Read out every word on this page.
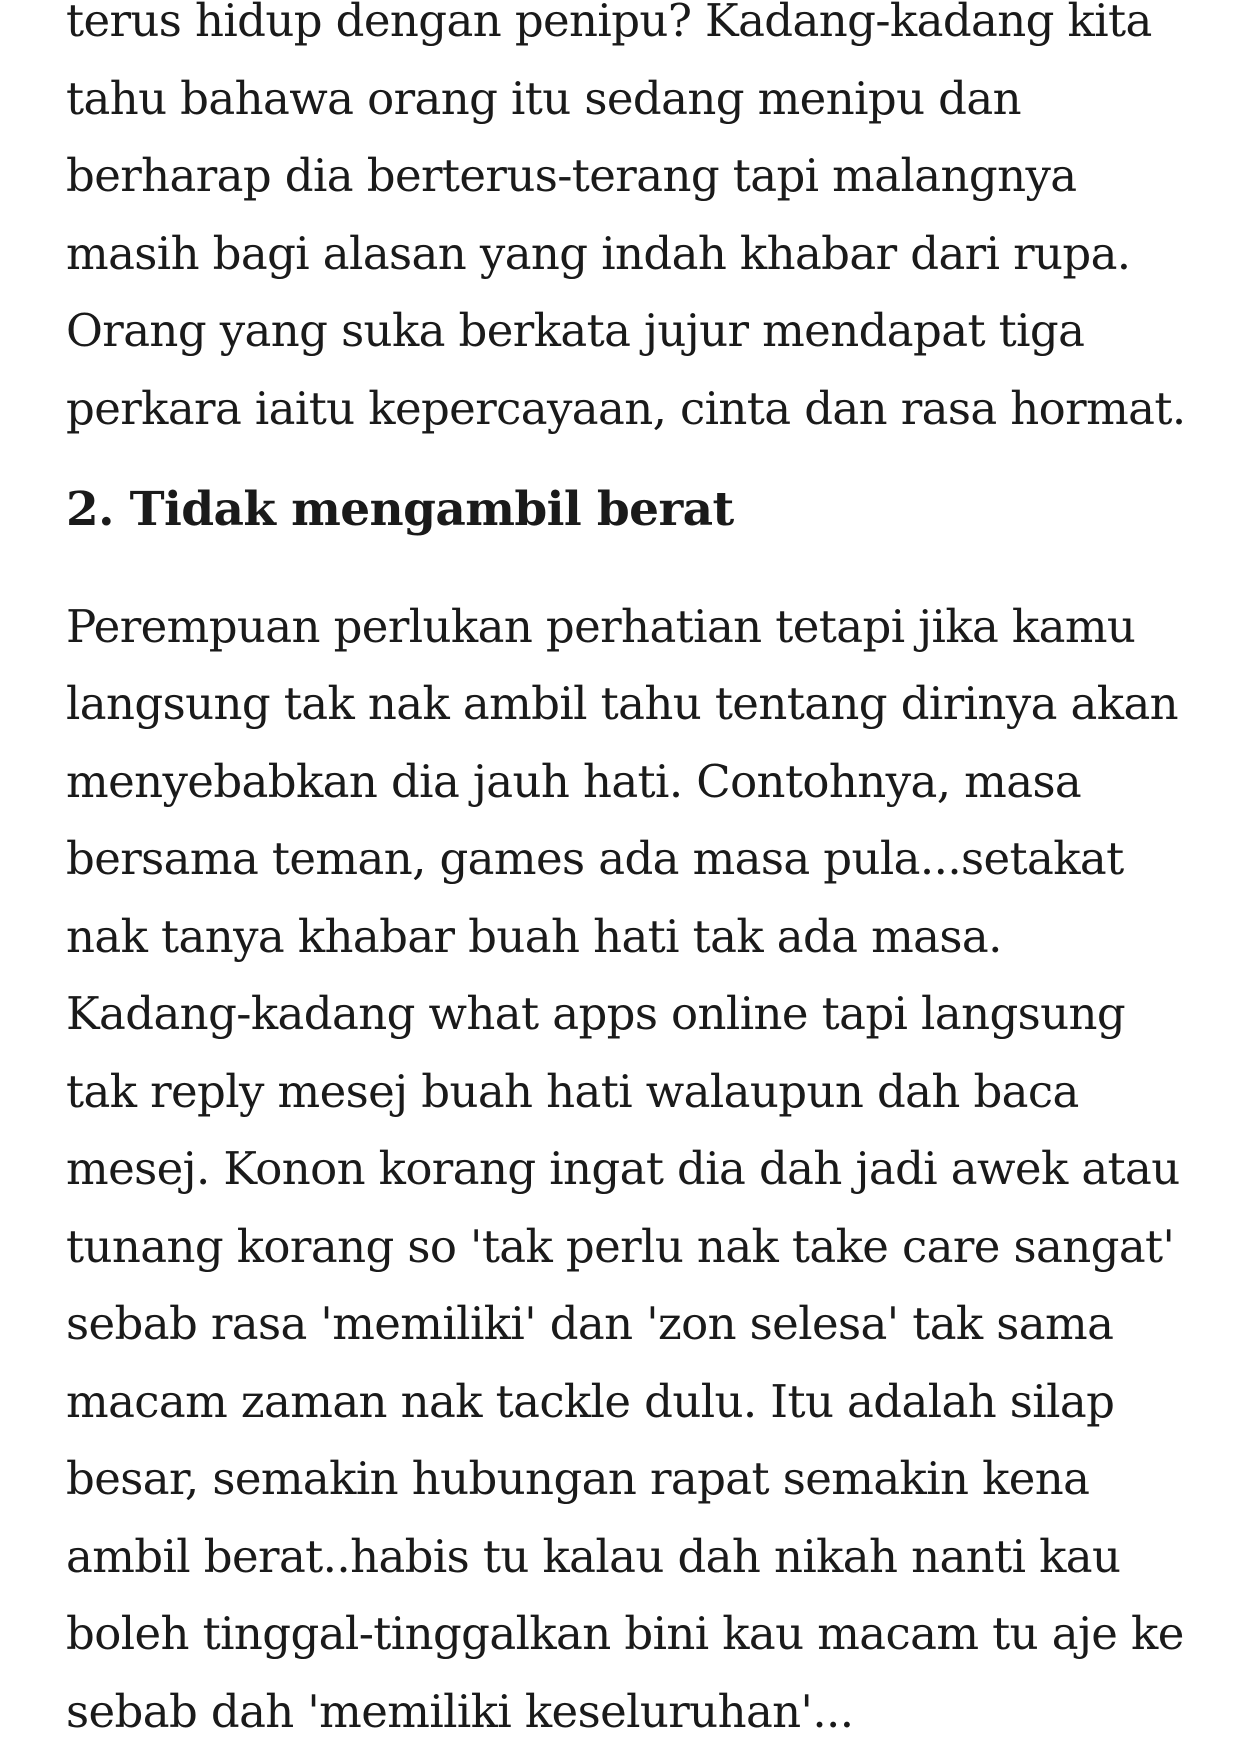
terus hidup dengan penipu? Kadang-kadang kita
tahu bahawa orang itu sedang menipu dan
berharap dia berterus-terang tapi malangnya
masih bagi alasan yang indah khabar dari rupa.
Orang yang suka berkata jujur mendapat tiga
perkara iaitu kepercayaan, cinta dan rasa hormat.

2. Tidak mengambil berat

Perempuan perlukan perhatian tetapi jika kamu
langsung tak nak ambil tahu tentang dirinya akan
menyebabkan dia jauh hati. Contohnya, masa
bersama teman, games ada masa pula...setakat
nak tanya khabar buah hati tak ada masa.
Kadang-kadang what apps online tapi langsung
tak reply mesej buah hati walaupun dah baca
mesej. Konon korang ingat dia dah jadi awek atau
tunang korang so 'tak perlu nak take care sangat'
sebab rasa 'memiliki' dan 'zon selesa' tak sama
macam zaman nak tackle dulu. Itu adalah silap
besar, semakin hubungan rapat semakin kena
ambil berat..habis tu kalau dah nikah nanti kau
boleh tinggal-tinggalkan bini kau macam tu aje ke
sebab dah 'memiliki keseluruhan'...
